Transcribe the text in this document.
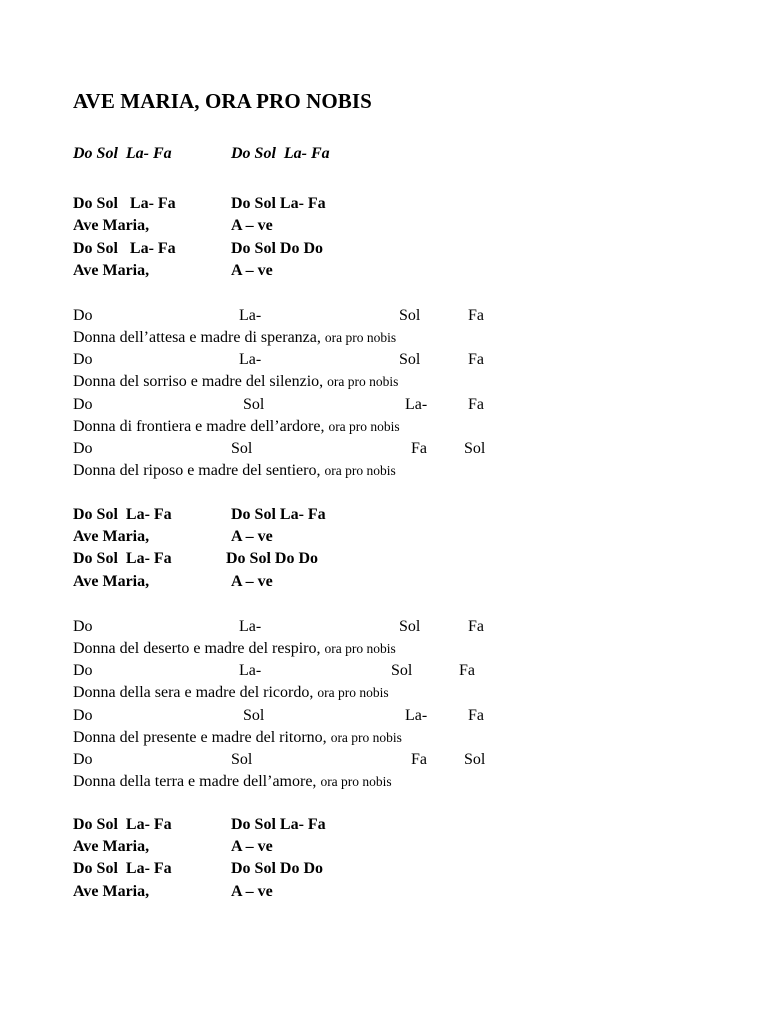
AVE MARIA, ORA PRO NOBIS
Do Sol  La- Fa	Do Sol  La- Fa
Do Sol   La- Fa	Do Sol La- Fa
Ave Maria,	A – ve
Do Sol   La- Fa	Do Sol Do Do
Ave Maria,	A – ve
Do	La-	Sol	Fa
Donna dell’attesa e madre di speranza, ora pro nobis
Do	La-	Sol	Fa
Donna del sorriso e madre del silenzio, ora pro nobis
Do	Sol	La-	Fa
Donna di frontiera e madre dell’ardore, ora pro nobis
Do	Sol	Fa Sol
Donna del riposo e madre del sentiero, ora pro nobis
Do Sol  La- Fa	Do Sol La- Fa
Ave Maria,	A – ve
Do Sol  La- Fa	Do Sol Do Do
Ave Maria,	A – ve
Do	La-	Sol	Fa
Donna del deserto e madre del respiro, ora pro nobis
Do	La-	Sol	Fa
Donna della sera e madre del ricordo, ora pro nobis
Do	Sol	La-	Fa
Donna del presente e madre del ritorno, ora pro nobis
Do	Sol	Fa Sol
Donna della terra e madre dell’amore, ora pro nobis
Do Sol  La- Fa	Do Sol La- Fa
Ave Maria,	A – ve
Do Sol  La- Fa	Do Sol Do Do
Ave Maria,	A – ve
